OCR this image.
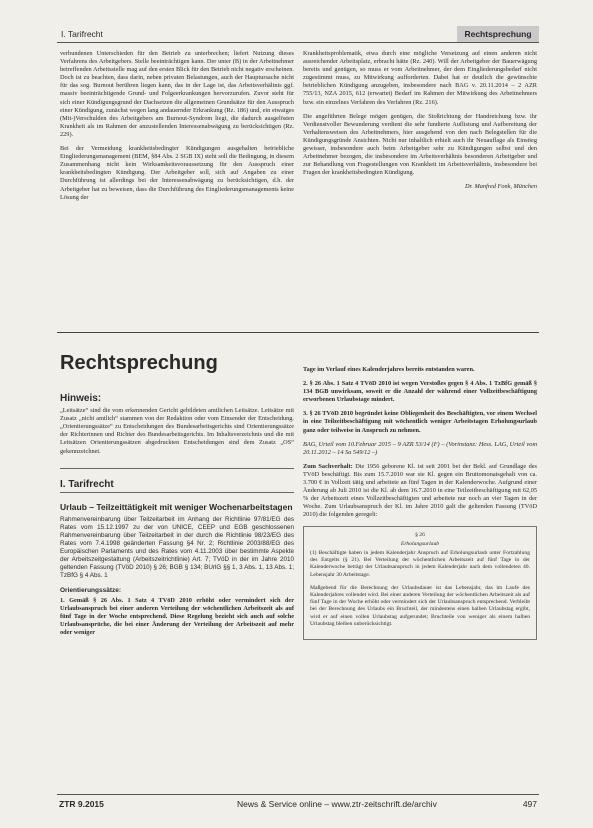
I. Tarifrecht	Rechtsprechung

verbundenen Unterschieden für den Betrieb zu unterbrechen; liefert Nutzung dieses Verfahrens des Arbeitgebers. Stelle beeinträchtigen kann. Der unter (B) in der Arbeitnehmer betreffenden Arbeitsstelle mag auf den ersten Blick für den Betrieb nicht negativ erscheinen. Doch ist zu beachten, dass darin, neben privaten Belastungen, auch der Hauptursache nicht für das sog. Burnout berühren liegen kann, das in der Lage ist, das Arbeitsverhältnis ggf. massiv beeinträchtigende Grund- und Folgeerkrankungen hervorzurufen. Zuvor steht für sich einer Kündigungsgrund der Dachsetzen die allgemeinen Grundsätze für den Ausspruch einer Kündigung, zunächst wegen lang andauernder Erkrankung (Rz. 186) und, ein etwaiges (Mit-)Verschulden des Arbeitgebers am Burnout-Syndrom liegt, die dadurch ausgelösten Krankheit als im Rahmen der anzustellenden Interessenabwägung zu berücksichtigen (Rz. 229).

Bei der Vermeidung krankheitsbedingter Kündigungen ausgehalten betriebliche Eingliederungsmanagement (BEM, §84 Abs. 2 SGB IX) steht soll die Bedingung, in diesem Zusammenhang nicht kein Wirksamkeitsvoraussetzung für den Ausspruch einer krankheitsbedingten Kündigung. Der Arbeitgeber soll, sich auf Angaben zu einer Durchführung ist allerdings bei der Interessenabwägung zu berücksichtigen, d.h. der Arbeitgeber hat zu beweisen, dass die Durchführung des Eingliederungsmanagements keine Lösung der

Krankheitsproblematik, etwa durch eine mögliche Versetzung auf einen anderen nicht ausreichender Arbeitsplatz, erbracht hätte (Rz. 240). Will der Arbeitgeber der Bauerwägung bereits und genügen, so muss er vom Arbeitnehmer, der dem Eingliederungsbedarf nicht zugestimmt muss, zu Mitwirkung aufforderten. Dabei hat er deutlich die gewünschte betrieblichen Kündigung anzugeben, insbesondere nach BAG v. 20.11.2014 – 2 AZR 755/13, NZA 2015, 612 (erwartet) Bedarf im Rahmen der Mitwirkung des Arbeitnehmers bzw. ein einzelnes Verfahren des Verfahren (Rz. 216).

Die angeführten Belege mögen genügen, die Stoßrichtung der Handreichung bzw. ihr Verdienstvoller Bewunderung verdient die sehr fundierte Auflistung und Aufbereitung der Verhaltensweisen des Arbeitnehmers, hier ausgehend von den nach Belegstellen für die Kündigungsgründe Ansichten. Nicht nur inhaltlich erhielt auch ihr Neuauflage als Einstieg gewisser, insbesondere auch beim Arbeitgeber sehr zu Kündigungen selbst und den Arbeitnehmer bezogen, die insbesondere im Arbeitsverhältnis besonderen Arbeitgeber und zur Behandlung von Fragestellungen von Krankheit im Arbeitsverhältnis, insbesondere bei Fragen der krankheitsbedingten Kündigung.

Dr. Manfred Fonk, München

Rechtsprechung
Hinweis:

„Leitsätze“ sind die vom erkennenden Gericht gebildeten amtlichen Leitsätze. Leitsätze mit Zusatz „nicht amtlich“ stammen von der Redaktion oder vom Einsender der Entscheidung. „Orientierungssätze“ zu Entscheidungen des Bundesarbeitsgerichts sind Orientierungssätze der Richterinnen und Richter des Bundesarbeitsgerichts. Im Inhaltsverzeichnis und die mit Leitsätzen Orientierungssätzen abgedruckten Entscheidungen sind dem Zusatz „OS“ gekennzeichnet.

I. Tarifrecht
Urlaub – Teilzeittätigkeit mit weniger Wochenarbeitstagen

Rahmenvereinbarung über Teilzeitarbeit im Anhang der Richtlinie 97/81/EG des Rates vom 15.12.1997 zu der von UNICE, CEEP und EGB geschlossenen Rahmenvereinbarung über Teilzeitarbeit in der durch die Richtlinie 98/23/EG des Rates vom 7.4.1998 geänderten Fassung §4 Nr. 2; Richtlinie 2003/88/EG des Europäischen Parlaments und des Rates vom 4.11.2003 über bestimmte Aspekte der Arbeitszeitgestaltung (Arbeitszeitrichtlinie) Art. 7; TVöD in der im Jahre 2010 geltenden Fassung (TVöD 2010) § 26; BGB § 134; BUrlG §§ 1, 3 Abs. 1, 13 Abs. 1; TzBfG § 4 Abs. 1

Orientierungssätze:

1. Gemäß § 26 Abs. 1 Satz 4 TVöD 2010 erhöht oder vermindert sich der Urlaubsanspruch bei einer anderen Verteilung der wöchentlichen Arbeitszeit als auf fünf Tage in der Woche entsprechend. Diese Regelung bezieht sich auch auf solche Urlaubsansprüche, die bei einer Änderung der Verteilung der Arbeitszeit auf mehr oder weniger

Tage im Verlauf eines Kalenderjahres bereits entstanden waren.

2. § 26 Abs. 1 Satz 4 TVöD 2010 ist wegen Verstoßes gegen § 4 Abs. 1 TzBfG gemäß § 134 BGB unwirksam, soweit er die Anzahl der während einer Vollzeitbeschäftigung erworbenen Urlaubstage mindert.

3. § 26 TVöD 2010 begründet keine Obliegenheit des Beschäftigten, vor einem Wechsel in eine Teilzeitbeschäftigung mit wöchentlich weniger Arbeitstagen Erholungsurlaub ganz oder teilweise in Anspruch zu nehmen.

BAG, Urteil vom 10.Februar 2015 – 9 AZR 53/14 (F) – (Vorinstanz: Hess. LAG, Urteil vom 20.11.2012 – 14 Sa 549/12 –)

Zum Sachverhalt: Die 1956 geborene Kl. ist seit 2001 bei der Bekl. auf Grundlage des TVöD beschäftigt. Bis zum 15.7.2010 war sie Kl. gegen ein Bruttomonatsgehalt von ca. 3.700 € in Vollzeit tätig und arbeitete an fünf Tagen in der Kalenderwoche. Aufgrund einer Änderung ab Juli 2010 ist die Kl. ab dem 16.7.2010 in eine Teilzeitbeschäftigung mit 62,05 % der Arbeitszeit eines Vollzeitbeschäftigten und arbeitete nur noch an vier Tagen in der Woche. Zum Urlaubsanspruch der Kl. im Jahre 2010 galt die geltenden Fassung (TVöD 2010) die folgenden geregelt:

§ 26

Erholungsurlaub

(1) Beschäftigte haben in jedem Kalenderjahr Anspruch auf Erholungsurlaub unter Fortzahlung des Entgelts (§ 21). Bei Verteilung der wöchentlichen Arbeitszeit auf fünf Tage in der Kalenderwoche beträgt der Urlaubsanspruch in jedem Kalenderjahr nach dem vollendeten 40. Lebensjahr 30 Arbeitstage.

Maßgebend für die Berechnung der Urlaubsdauer ist das Lebensjahr, das im Laufe des Kalenderjahres vollendet wird. Bei einer anderen Verteilung der wöchentlichen Arbeitszeit als auf fünf Tage in der Woche erhöht oder vermindert sich der Urlaubsanspruch entsprechend. Verbleibt bei der Berechnung des Urlaubs ein Bruchteil, der mindestens einen halben Urlaubstag ergibt, wird er auf einen vollen Urlaubstag aufgerundet; Bruchteile von weniger als einem halben Urlaubstag bleiben unberücksichtigt.

ZTR 9.2015	News & Service online – www.ztr-zeitschrift.de/archiv	497
